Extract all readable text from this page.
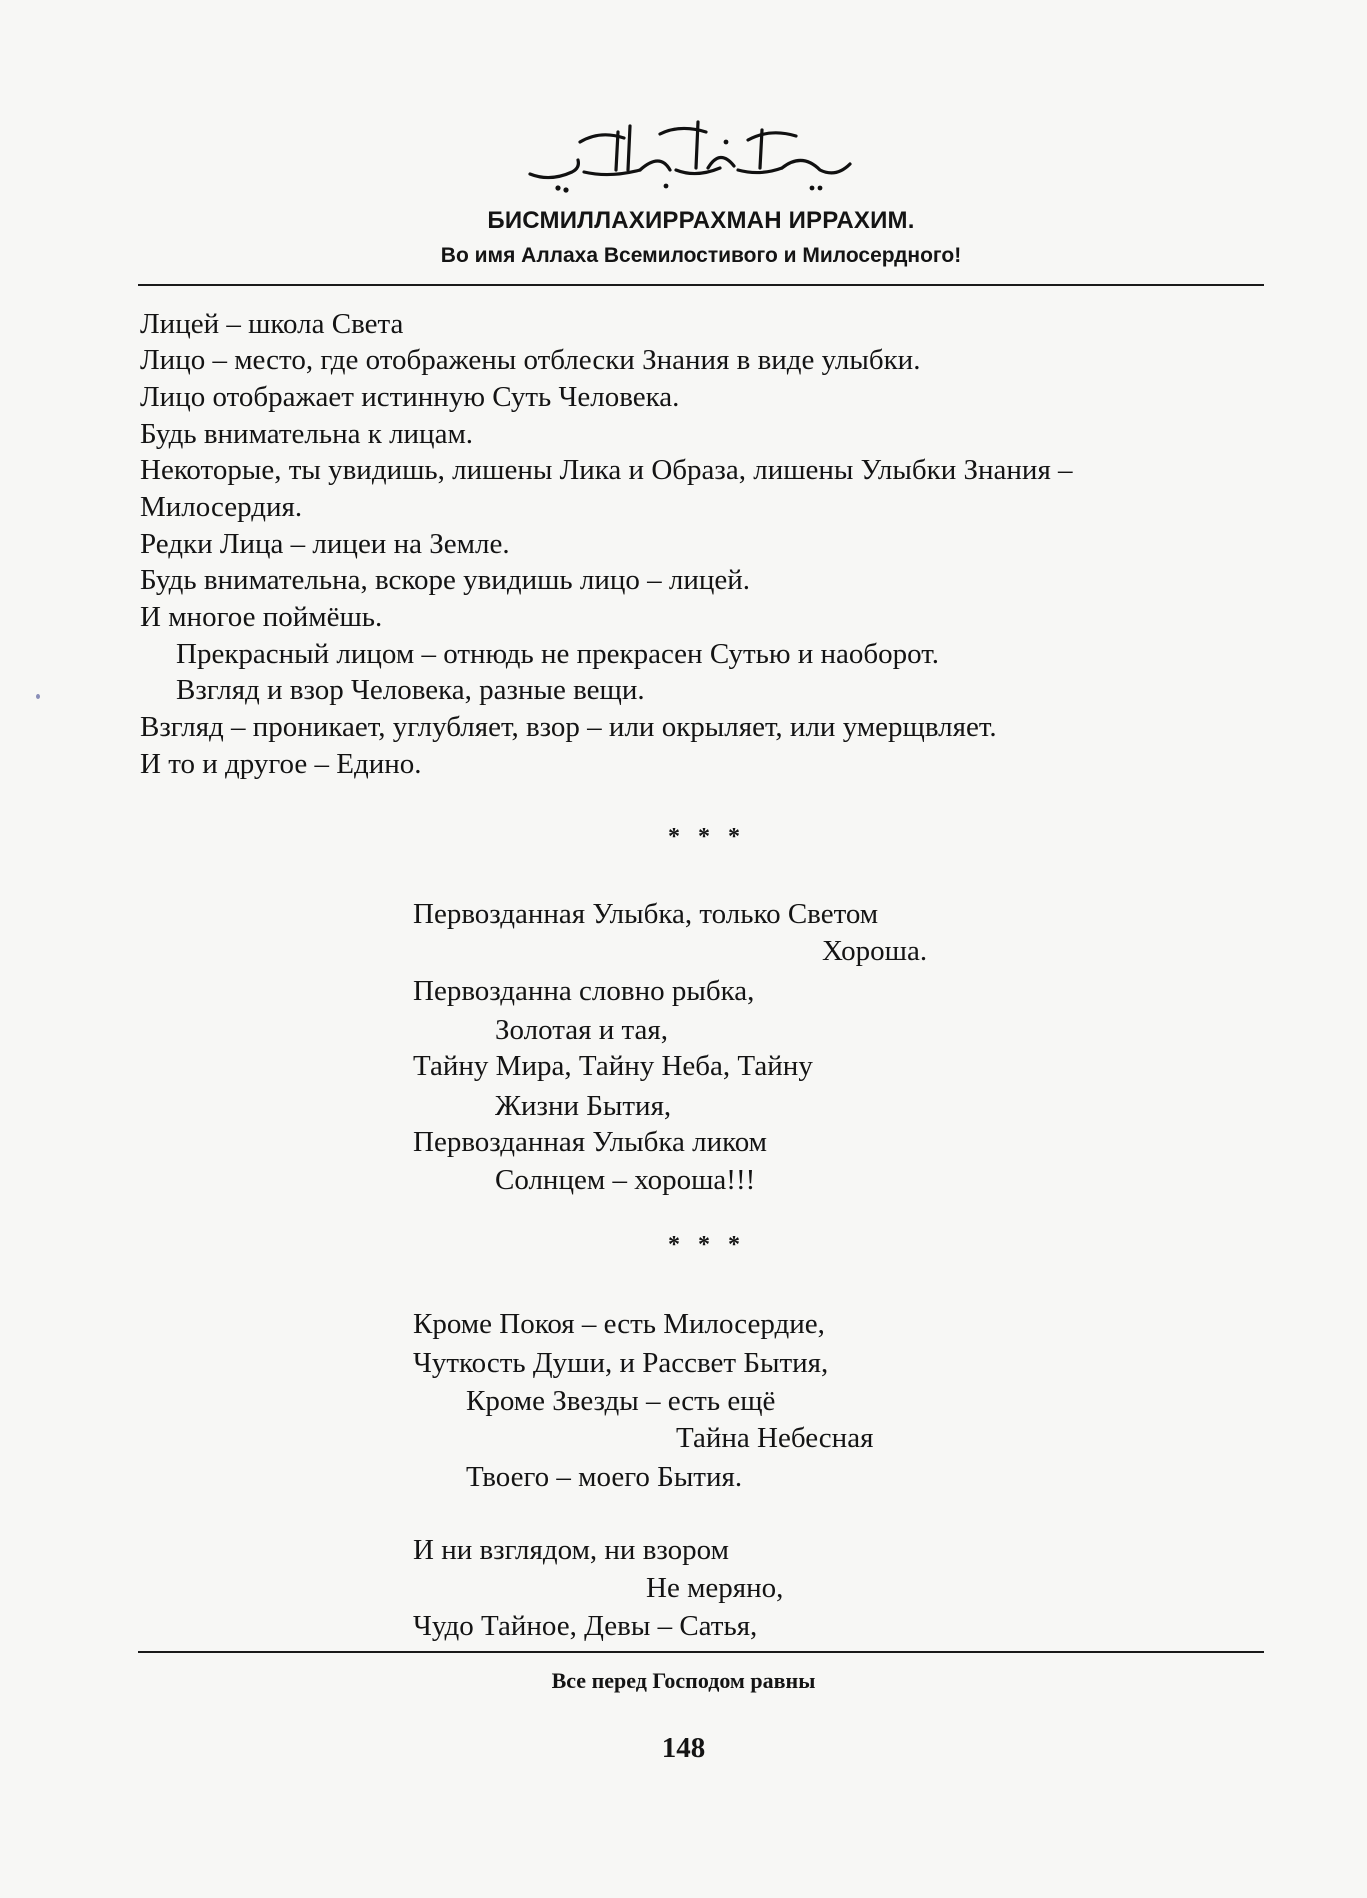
بِسْمِ ٱللَّٰهِ ٱلرَّحْمَٰنِ ٱلرَّحِيمِ
БИСМИЛЛАХИРРАХМАН ИРРАХИМ.
Во имя Аллаха Всемилостивого и Милосердного!
Лицей – школа Света
Лицо – место, где отображены отблески Знания в виде улыбки.
Лицо отображает истинную Суть Человека.
Будь внимательна к лицам.
Некоторые, ты увидишь, лишены Лика и Образа, лишены Улыбки Знания –
Милосердия.
Редки Лица – лицеи на Земле.
Будь внимательна, вскоре увидишь лицо – лицей.
И многое поймёшь.
Прекрасный лицом – отнюдь не прекрасен Сутью и наоборот.
Взгляд и взор Человека, разные вещи.
Взгляд – проникает, углубляет, взор – или окрыляет, или умерщвляет.
И то и другое – Едино.
* * *
Первозданная Улыбка, только Светом
Хороша.
Первозданна словно рыбка,
Золотая и тая,
Тайну Мира, Тайну Неба, Тайну
Жизни Бытия,
Первозданная Улыбка ликом
Солнцем – хороша!!!
* * *
Кроме Покоя – есть Милосердие,
Чуткость Души, и Рассвет Бытия,
Кроме Звезды – есть ещё
Тайна Небесная
Твоего – моего Бытия.
И ни взглядом, ни взором
Не меряно,
Чудо Тайное, Девы – Сатья,
Все перед Господом равны
148
